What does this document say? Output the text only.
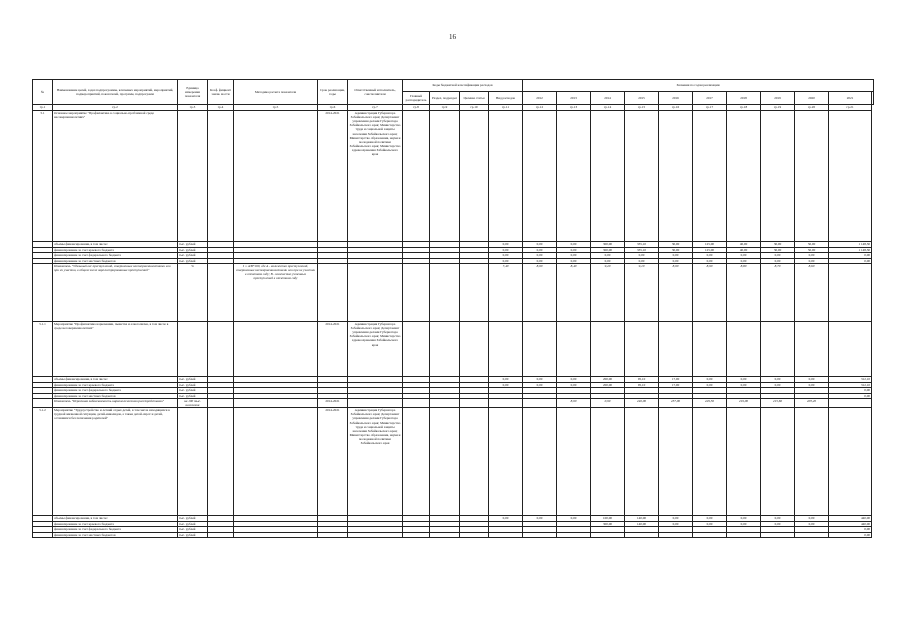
16
№	Наименование целей, задач подпрограммы, ключевых мероприятий, мероприятий, подмероприятий, показателей, программ, подпрограмм	Единица измерения показателя	Коэф. фициент значи. мости	Методика расчета показателя	Срок реализации, годы	Ответственный исполнитель, соисполнители	Коды бюджетной классификации расходов				Значения по годам реализации										
							Главный распорядитель	Раздел, подраздел	Целевая статья	Вид расходов	2012	2013	2014	2015	2016	2017	2018	2019	2020	2021	
гр.1	гр.2	гр.3	гр.4	гр.5	гр.6	гр.7	гр.8	гр.9	гр.10	гр.11	гр.12	гр.13	гр.14	гр.15	гр.16	гр.17	гр.18	гр.19	гр.20	гр.21	
5.1	Основное мероприятие "Профилактика в социально-проблемной среде несовершеннолетних"				2014-2021	Администрация Губернатора Забайкальского края; Департамент управления делами Губернатора Забайкальского края; Министерство труда и социальной защиты населения Забайкальского края; Министерство образования, науки и молодежной политики Забайкальского края; Министерство здравоохранения Забайкальского края															
	объемы финансирования, в том числе:	тыс. рублей								0,00	0,00	0,00	300,00	335,10	30,00	125,00	40,00	30,00	50,00	1 148,30	
	финансирование за счет краевого бюджета	тыс. рублей								0,00	0,00	0,00	300,00	335,10	30,00	125,00	40,00	30,00	50,00	1 148,30	
	финансирование за счет федерального бюджета	тыс. рублей								0,00	0,00	0,00	0,00	0,00	0,00	0,00	0,00	0,00	0,00	0,00	
	финансирование за счет местных бюджетов	тыс. рублей								0,00	0,00	0,00	0,00	0,00	0,00	0,00	0,00	0,00	0,00	0,00	
	Показатель "Удельный вес преступлений, совершенных несовершеннолетними или при их участии, в общем числе зарегистрированных преступлений"	%		I = A/B*100, где A - количество преступлений, совершенных несовершеннолетними или при их участии в отчетном году; B - количество учтенных преступлений в отчетном году						7,40	8,00	8,40	9,20	9,10	8,00	8,90	8,80	8,70	8,60		
5.1.1	Мероприятие "Профилактика наркомании, пьянства и алкоголизма, в том числе в среде несовершеннолетних"				2014-2021	Администрация Губернатора Забайкальского края; Департамент управления делами Губернатора Забайкальского края; Министерство здравоохранения Забайкальского края															
	объемы финансирования, в том числе:	тыс. рублей								0,00	0,00	0,00	200,00	95,10	17,00	0,00	0,00	0,00	0,00	312,10	
	финансирование за счет краевого бюджета	тыс. рублей								0,00	0,00	0,00	200,00	95,10	17,00	0,00	0,00	0,00	0,00	312,10	
	финансирование за счет федерального бюджета	тыс. рублей																		0,00	
	финансирование за счет местных бюджетов	тыс. рублей																		0,00	
	Показатель "Первичная заболеваемость наркологическими расстройствами"	на 100 тыс. населения			2014-2021							8,00	0,99	240,00	237,00	229,50	219,00	215,60	203,20		
5.1.2	Мероприятие "Трудоустройство и летний отдых детей, в том числе находящихся в трудной жизненной ситуации, детей-инвалидов, а также детей-сирот и детей, оставшихся без попечения родителей"				2014-2021	Администрация Губернатора Забайкальского края; Департамент управления делами Губернатора Забайкальского края; Министерство труда и социальной защиты населения Забайкальского края; Министерство образования, науки и молодежной политики Забайкальского края															
	объемы финансирования, в том числе:	тыс. рублей								0,00	0,00	0,00	100,00	140,00	0,00	0,00	0,00	0,00	0,00	440,00	
	финансирование за счет краевого бюджета	тыс. рублей											300,00	140,00	0,00	0,00	0,00	0,00	0,00	440,00	
	финансирование за счет федерального бюджета	тыс. рублей																		0,00	
	финансирование за счет местных бюджетов	тыс. рублей																		0,00	
